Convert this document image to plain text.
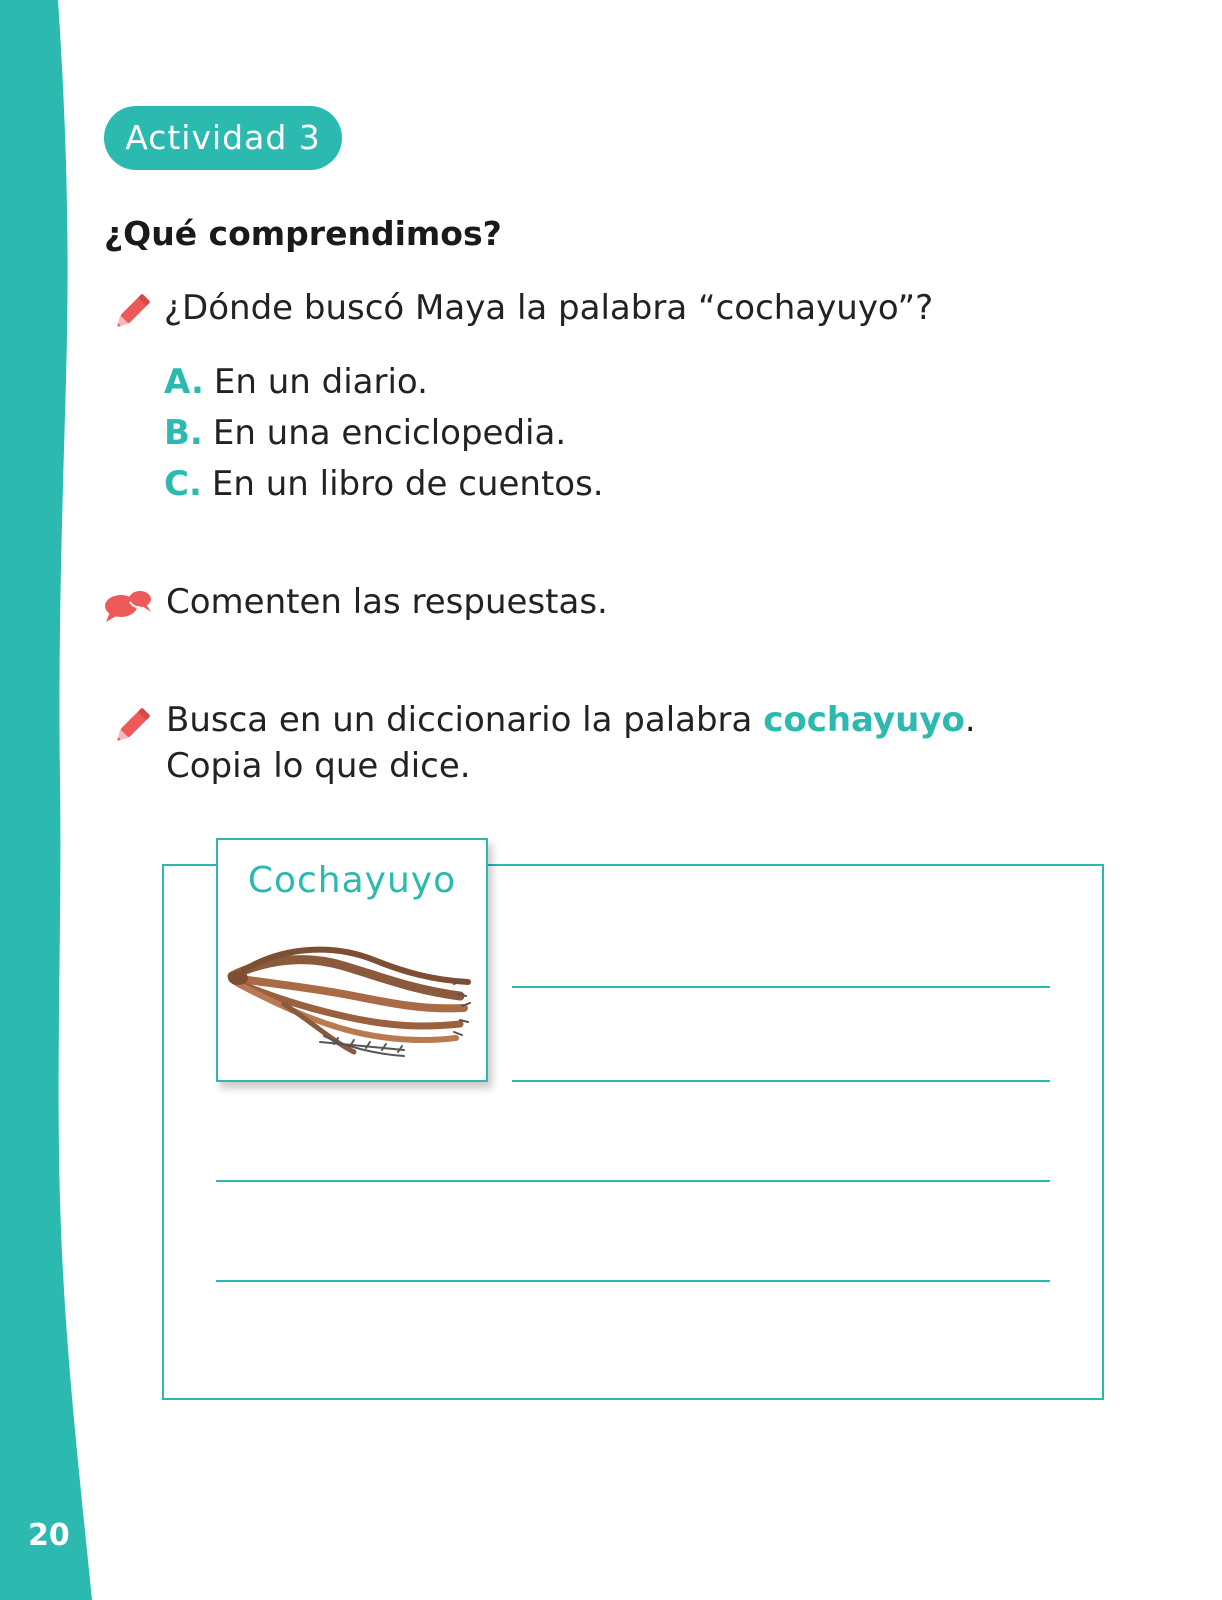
20
Actividad 3
¿Qué comprendimos?
¿Dónde buscó Maya la palabra “cochayuyo”?
A. En un diario.
B. En una enciclopedia.
C. En un libro de cuentos.
Comenten las respuestas.
Busca en un diccionario la palabra cochayuyo.
Copia lo que dice.
Cochayuyo
